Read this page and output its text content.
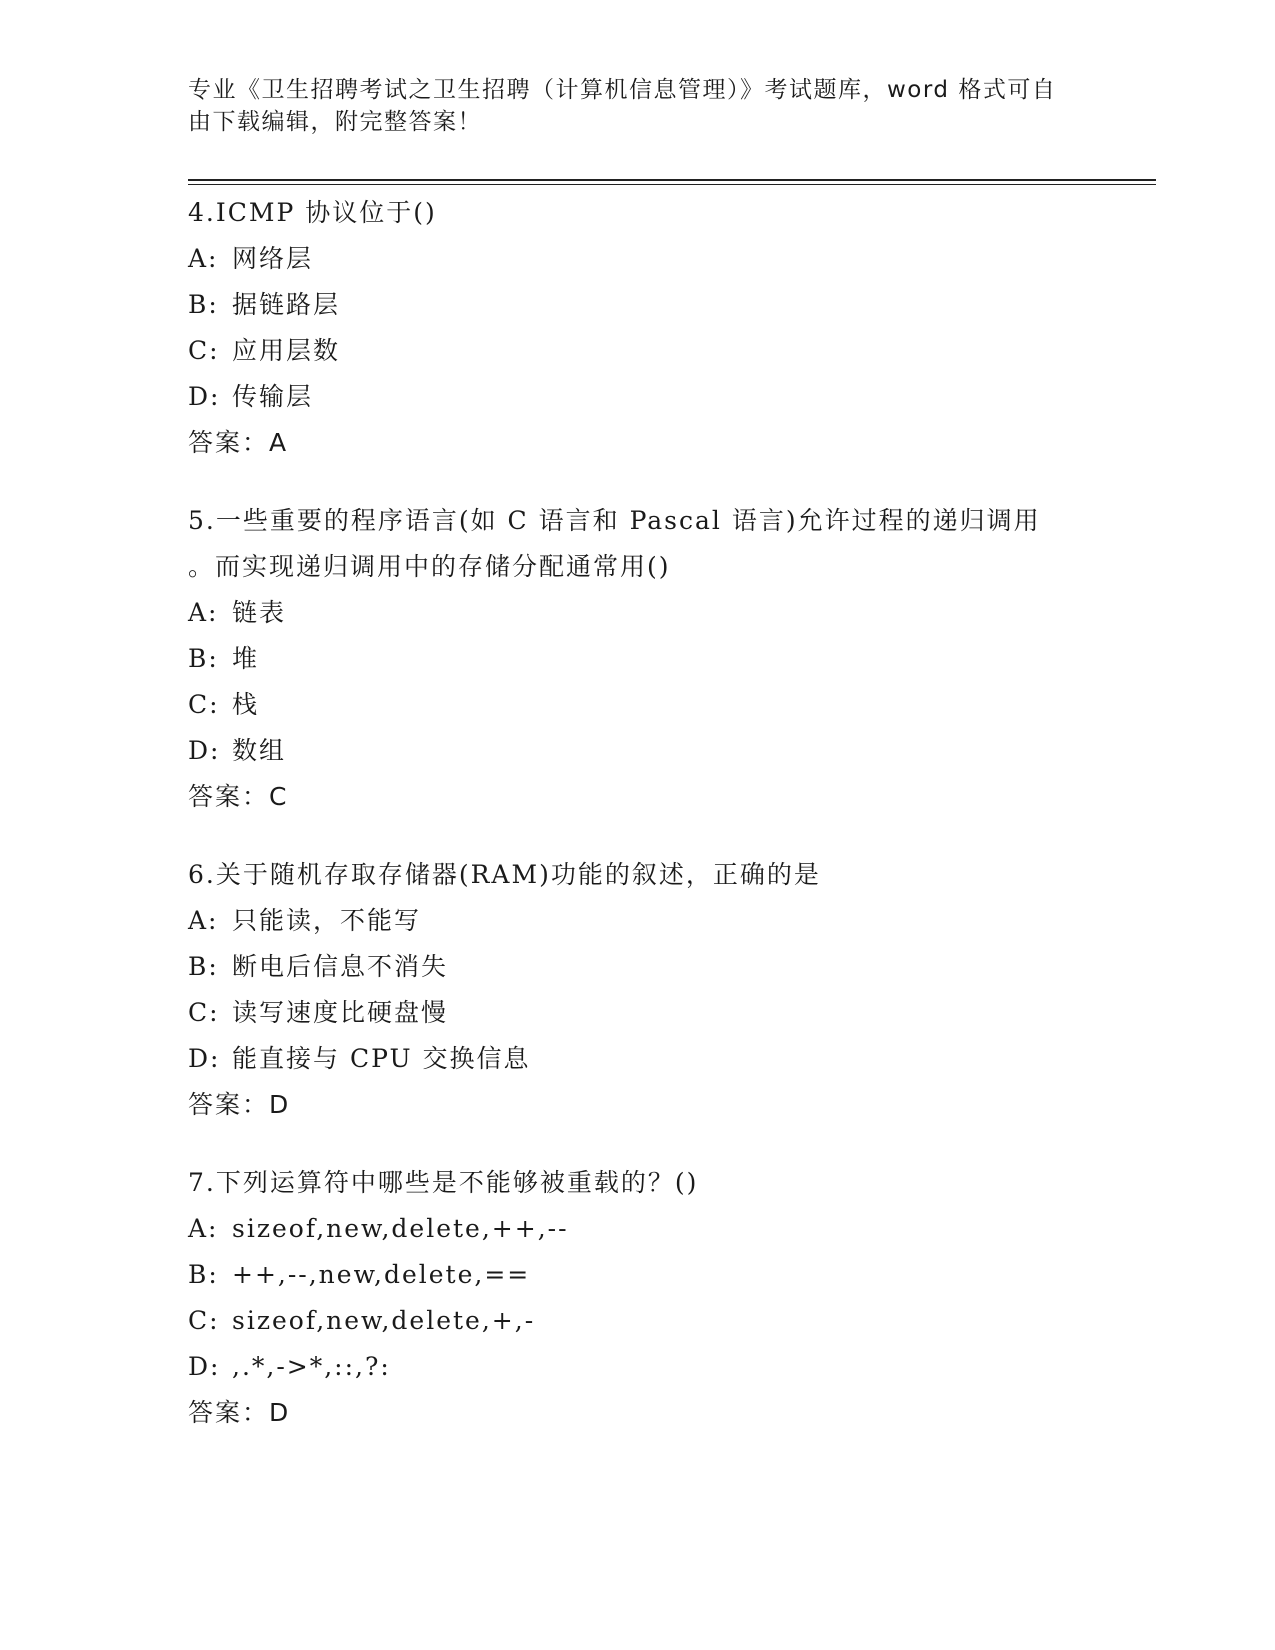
专业《卫生招聘考试之卫生招聘（计算机信息管理）》考试题库，word 格式可自
由下载编辑，附完整答案！
4.ICMP 协议位于()
A: 网络层
B: 据链路层
C: 应用层数
D: 传输层
答案：A
5.一些重要的程序语言(如 C 语言和 Pascal 语言)允许过程的递归调用
。而实现递归调用中的存储分配通常用()
A: 链表
B: 堆
C: 栈
D: 数组
答案：C
6.关于随机存取存储器(RAM)功能的叙述，正确的是
A: 只能读，不能写
B: 断电后信息不消失
C: 读写速度比硬盘慢
D: 能直接与 CPU 交换信息
答案：D
7.下列运算符中哪些是不能够被重载的？()
A: sizeof,new,delete,++,--
B: ++,--,new,delete,==
C: sizeof,new,delete,+,-
D: ,.*,->*,::,?:
答案：D
